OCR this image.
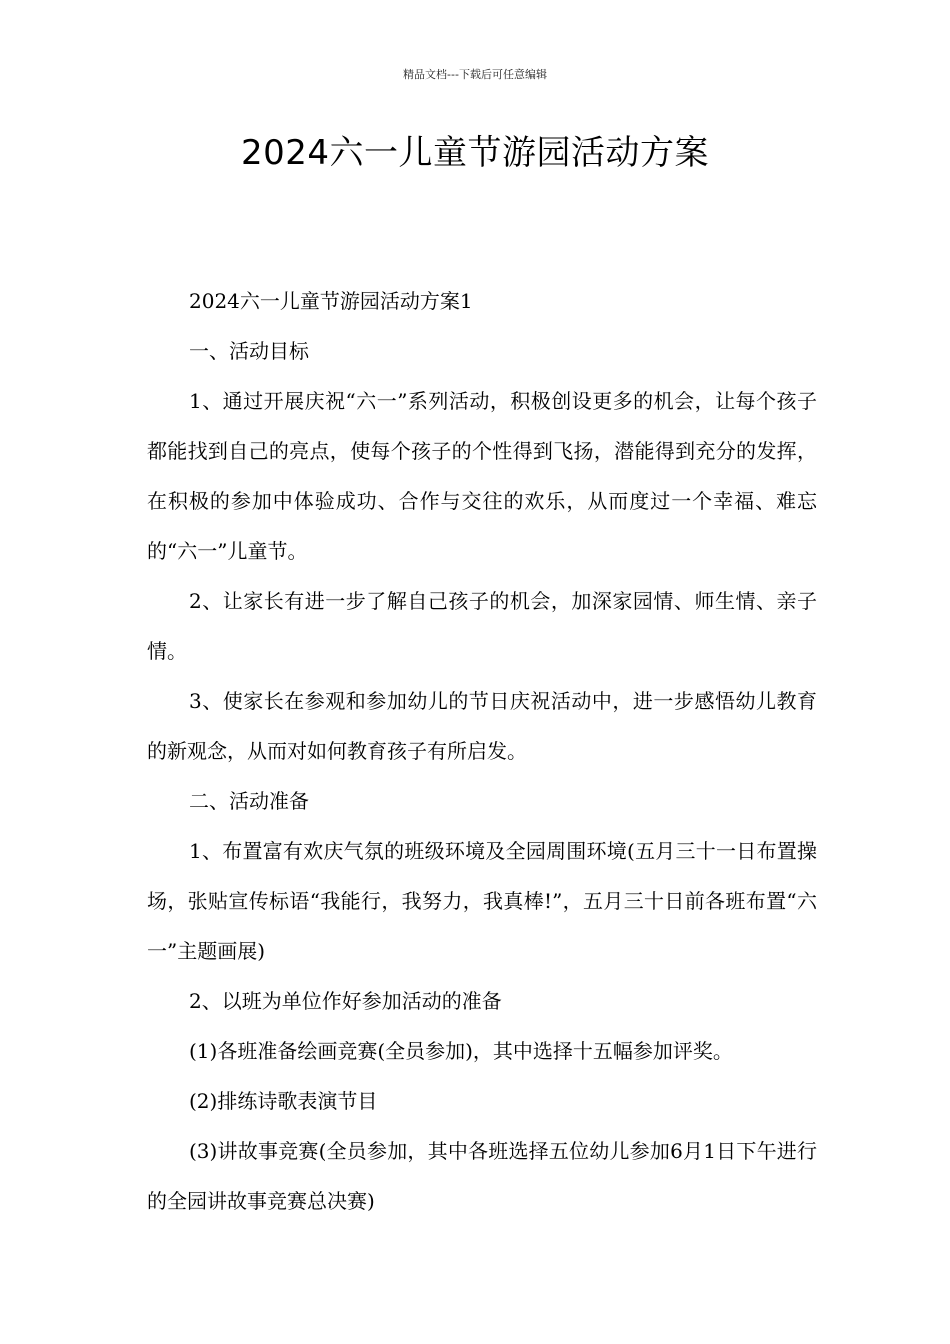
精品文档---下载后可任意编辑
2024六一儿童节游园活动方案

2024六一儿童节游园活动方案1

一、活动目标

1、通过开展庆祝“六一”系列活动，积极创设更多的机会，让每个孩子都能找到自己的亮点，使每个孩子的个性得到飞扬，潜能得到充分的发挥，在积极的参加中体验成功、合作与交往的欢乐，从而度过一个幸福、难忘的“六一”儿童节。

2、让家长有进一步了解自己孩子的机会，加深家园情、师生情、亲子情。

3、使家长在参观和参加幼儿的节日庆祝活动中，进一步感悟幼儿教育的新观念，从而对如何教育孩子有所启发。

二、活动准备

1、布置富有欢庆气氛的班级环境及全园周围环境(五月三十一日布置操场，张贴宣传标语“我能行，我努力，我真棒!”，五月三十日前各班布置“六一”主题画展)

2、以班为单位作好参加活动的准备

(1)各班准备绘画竞赛(全员参加)，其中选择十五幅参加评奖。

(2)排练诗歌表演节目

(3)讲故事竞赛(全员参加，其中各班选择五位幼儿参加6月1日下午进行的全园讲故事竞赛总决赛)
